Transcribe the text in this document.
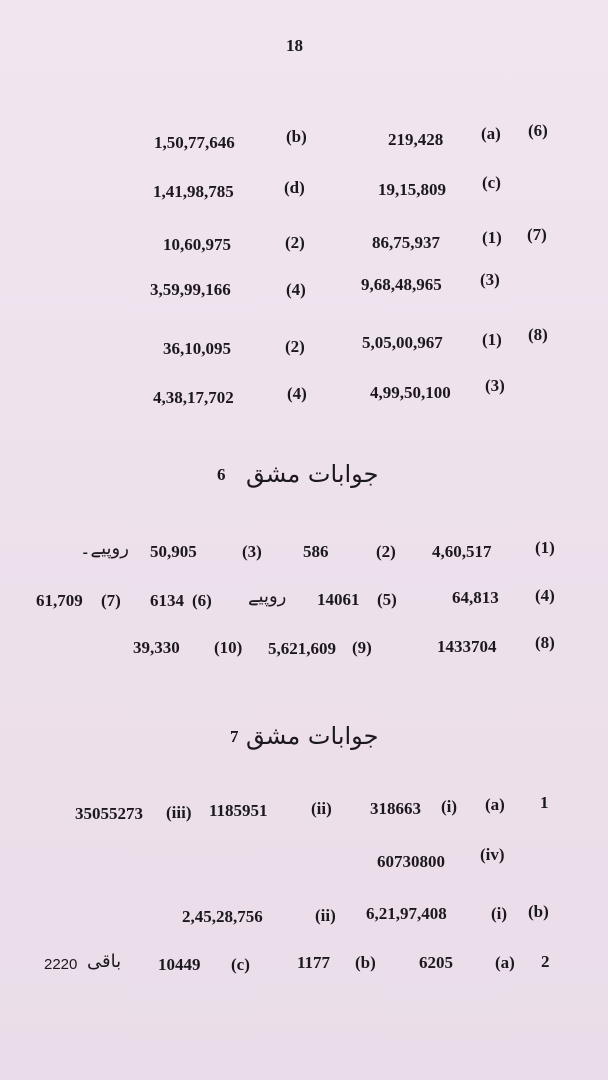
18
(6)
(a)
219,428
(b)
1,50,77,646
(c)
19,15,809
(d)
1,41,98,785
(7)
(1)
86,75,937
(2)
10,60,975
(3)
9,68,48,965
(4)
3,59,99,166
(8)
(1)
5,05,00,967
(2)
36,10,095
(3)
4,99,50,100
(4)
4,38,17,702
جوابات مشق
6
(1)
4,60,517
(2)
586
(3)
50,905
روپیے۔
(4)
64,813
(5)
14061
روپیے
(6)
6134
(7)
61,709
(8)
1433704
(9)
5,621,609
(10)
39,330
جوابات مشق
7
1
(a)
(i)
318663
(ii)
1185951
(iii)
35055273
(iv)
60730800
(b)
(i)
6,21,97,408
(ii)
2,45,28,756
2
(a)
6205
(b)
1177
(c)
10449
باقی
2220
